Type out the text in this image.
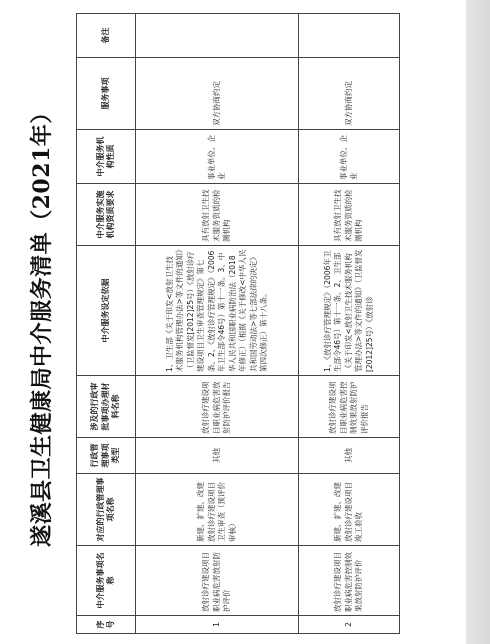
遂溪县卫生健康局中介服务清单（2021年）
序号	中介服务事项名称	对应的行政管理事项名称	行政管理事项类型	涉及的行政审批事项办理材料名称	中介服务设定依据	中介服务实施机构资质要求	中介服务机构性质	服务事项	备注
1	放射诊疗建设项目职业病危害放射防护评价	新建、扩建、改建放射诊疗建设项目卫生审查（预评价审核）	其他	放射诊疗建设项目职业病危害放射防护评价报告	1、卫生部《关于印发<放射卫生技术服务机构管理办法>等文件的通知》（卫监督发[2012]25号）《放射诊疗建设项目卫生审查管理规定》第七条。2、《放射诊疗管理规定》（2006年卫生部令46号）第十一条。3、中华人民共和国职业病防治法（2018年修正）（根据《关于修改<中华人民共和国劳动法>等七部法律的决定》第四次修正）第十八条。	具有放射卫生技术服务资质的检测机构	事业单位、企业	双方协商约定	
2	放射诊疗建设项目职业病危害控制效果放射防护评价	新建、扩建、改建放射诊疗建设项目竣工验收	其他	放射诊疗建设项目职业病危害控制效果放射防护评价报告	1、《放射诊疗管理规定》（2006年卫生部令46号）第十一条。2、卫生部《关于印发<放射卫生技术服务机构管理办法>等文件的通知》（卫监督发[2012]25号）《放射诊	具有放射卫生技术服务资质的检测机构	事业单位、企业	双方协商约定	
